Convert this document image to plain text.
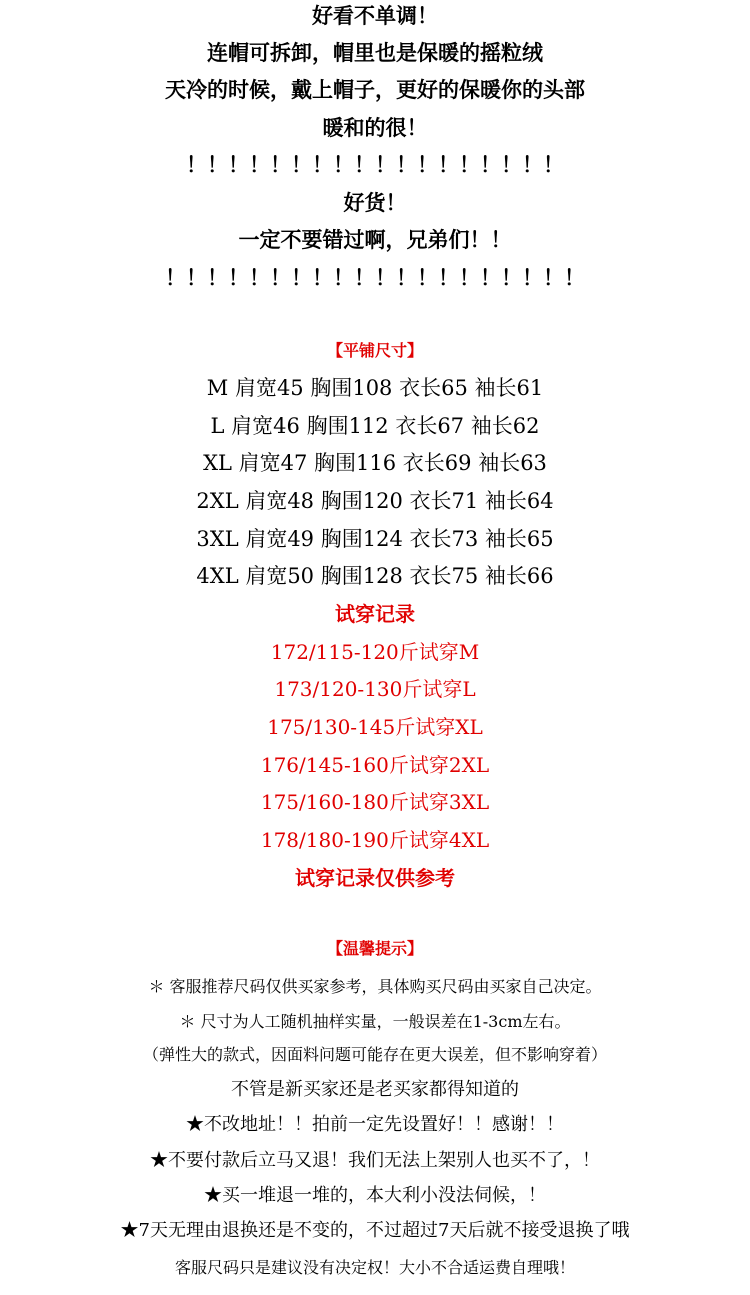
好看不单调！
连帽可拆卸，帽里也是保暖的摇粒绒
天冷的时候，戴上帽子，更好的保暖你的头部
暖和的很！
！！！！！！！！！！！！！！！！！！
好货！
一定不要错过啊，兄弟们！！
！！！！！！！！！！！！！！！！！！！！
【平铺尺寸】
M 肩宽45 胸围108 衣长65 袖长61
L 肩宽46 胸围112 衣长67 袖长62
XL 肩宽47 胸围116 衣长69 袖长63
2XL 肩宽48 胸围120 衣长71 袖长64
3XL 肩宽49 胸围124 衣长73 袖长65
4XL 肩宽50 胸围128 衣长75 袖长66
试穿记录
172/115-120斤试穿M
173/120-130斤试穿L
175/130-145斤试穿XL
176/145-160斤试穿2XL
175/160-180斤试穿3XL
178/180-190斤试穿4XL
试穿记录仅供参考
【温馨提示】
＊ 客服推荐尺码仅供买家参考，具体购买尺码由买家自己决定。
＊ 尺寸为人工随机抽样实量，一般误差在1-3cm左右。
（弹性大的款式，因面料问题可能存在更大误差，但不影响穿着）
不管是新买家还是老买家都得知道的
★不改地址！！拍前一定先设置好！！感谢！！
★不要付款后立马又退！我们无法上架别人也买不了，！
★买一堆退一堆的，本大利小没法伺候，！
★7天无理由退换还是不变的，不过超过7天后就不接受退换了哦
客服尺码只是建议没有决定权！大小不合适运费自理哦！
